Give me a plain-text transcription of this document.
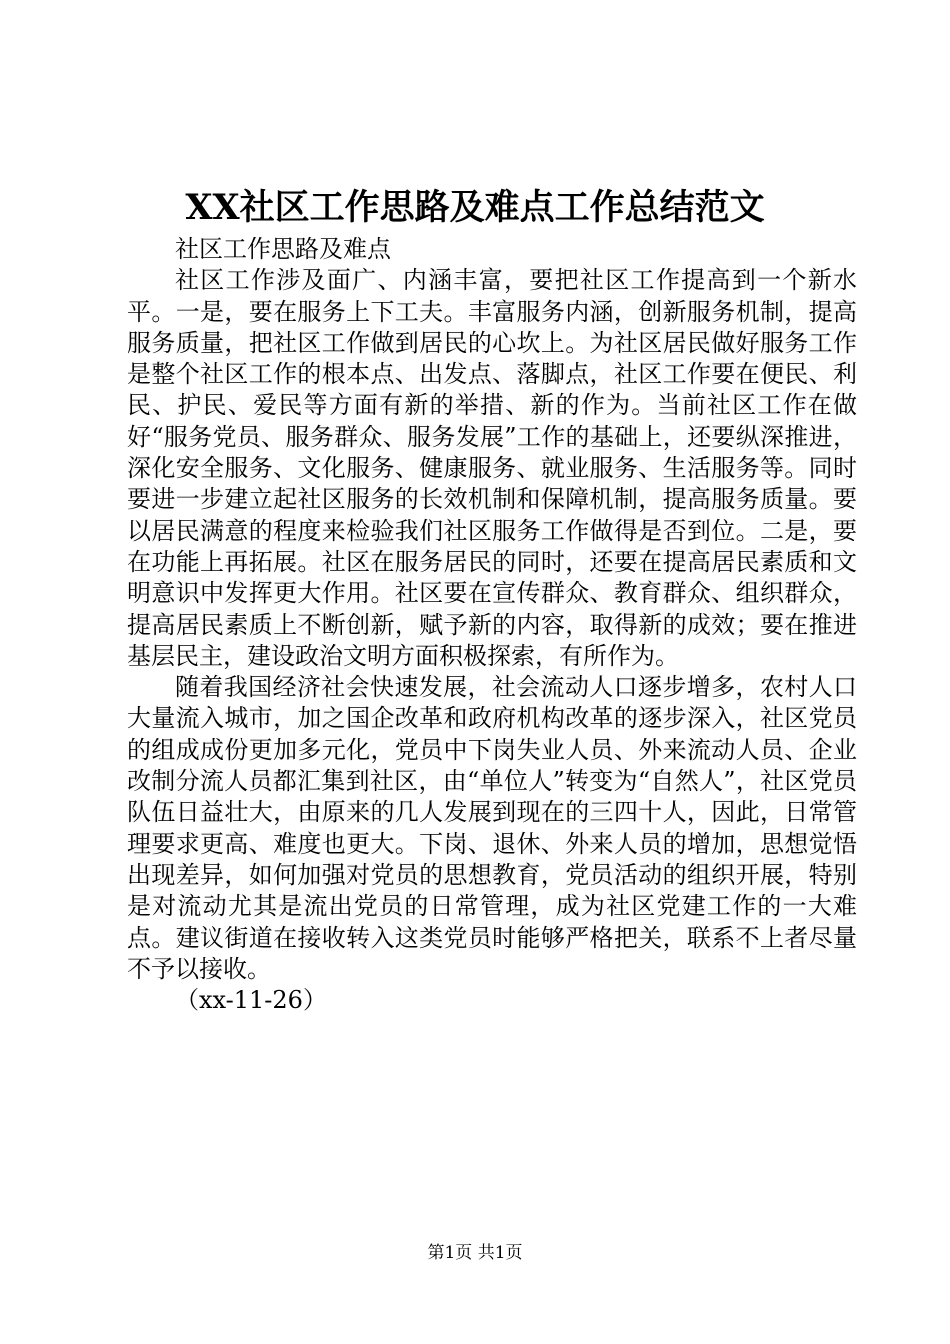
XX社区工作思路及难点工作总结范文

社区工作思路及难点

社区工作涉及面广、内涵丰富，要把社区工作提高到一个新水平。一是，要在服务上下工夫。丰富服务内涵，创新服务机制，提高服务质量，把社区工作做到居民的心坎上。为社区居民做好服务工作是整个社区工作的根本点、出发点、落脚点，社区工作要在便民、利民、护民、爱民等方面有新的举措、新的作为。当前社区工作在做好“服务党员、服务群众、服务发展”工作的基础上，还要纵深推进，深化安全服务、文化服务、健康服务、就业服务、生活服务等。同时要进一步建立起社区服务的长效机制和保障机制，提高服务质量。要以居民满意的程度来检验我们社区服务工作做得是否到位。二是，要在功能上再拓展。社区在服务居民的同时，还要在提高居民素质和文明意识中发挥更大作用。社区要在宣传群众、教育群众、组织群众，提高居民素质上不断创新，赋予新的内容，取得新的成效；要在推进基层民主，建设政治文明方面积极探索，有所作为。

随着我国经济社会快速发展，社会流动人口逐步增多，农村人口大量流入城市，加之国企改革和政府机构改革的逐步深入，社区党员的组成成份更加多元化，党员中下岗失业人员、外来流动人员、企业改制分流人员都汇集到社区，由“单位人”转变为“自然人”，社区党员队伍日益壮大，由原来的几人发展到现在的三四十人，因此，日常管理要求更高、难度也更大。下岗、退休、外来人员的增加，思想觉悟出现差异，如何加强对党员的思想教育，党员活动的组织开展，特别是对流动尤其是流出党员的日常管理，成为社区党建工作的一大难点。建议街道在接收转入这类党员时能够严格把关，联系不上者尽量不予以接收。

（xx-11-26）

第1页 共1页
